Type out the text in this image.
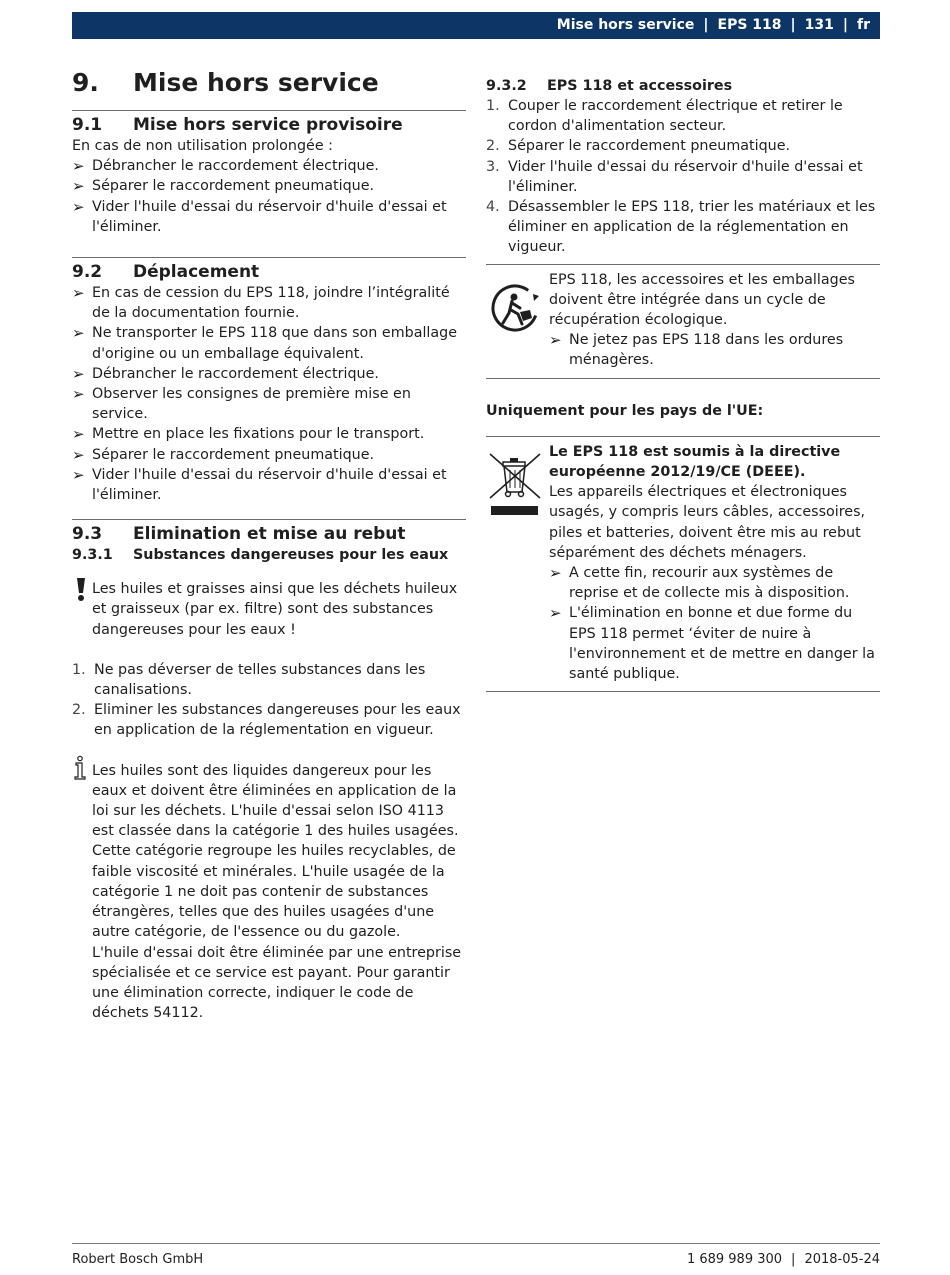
Mise hors service | EPS 118 | 131 | fr
9.	Mise hors service
9.1	Mise hors service provisoire

En cas de non utilisation prolongée :

➢ Débrancher le raccordement électrique.
➢ Séparer le raccordement pneumatique.
➢ Vider l'huile d'essai du réservoir d'huile d'essai et l'éliminer.
9.2	Déplacement
➢ En cas de cession du EPS 118, joindre l’intégralité de la documentation fournie.
➢ Ne transporter le EPS 118 que dans son emballage d'origine ou un emballage équivalent.
➢ Débrancher le raccordement électrique.
➢ Observer les consignes de première mise en service.
➢ Mettre en place les fixations pour le transport.
➢ Séparer le raccordement pneumatique.
➢ Vider l'huile d'essai du réservoir d'huile d'essai et l'éliminer.
9.3	Elimination et mise au rebut
9.3.1	Substances dangereuses pour les eaux
Les huiles et graisses ainsi que les déchets huileux et graisseux (par ex. filtre) sont des substances dangereuses pour les eaux !
1. Ne pas déverser de telles substances dans les canalisations.
2. Eliminer les substances dangereuses pour les eaux en application de la réglementation en vigueur.
Les huiles sont des liquides dangereux pour les eaux et doivent être éliminées en application de la loi sur les déchets. L'huile d'essai selon ISO 4113 est classée dans la catégorie 1 des huiles usagées. Cette catégorie regroupe les huiles recyclables, de faible viscosité et minérales. L'huile usagée de la catégorie 1 ne doit pas contenir de substances étrangères, telles que des huiles usagées d'une autre catégorie, de l'essence ou du gazole.
L'huile d'essai doit être éliminée par une entreprise spécialisée et ce service est payant. Pour garantir une élimination correcte, indiquer le code de déchets 54112.
9.3.2	EPS 118 et accessoires
1. Couper le raccordement électrique et retirer le cordon d'alimentation secteur.
2. Séparer le raccordement pneumatique.
3. Vider l'huile d'essai du réservoir d'huile d'essai et l'éliminer.
4. Désassembler le EPS 118, trier les matériaux et les éliminer en application de la réglementation en vigueur.
EPS 118, les accessoires et les emballages doivent être intégrée dans un cycle de récupération écologique.
➢ Ne jetez pas EPS 118 dans les ordures ménagères.
Uniquement pour les pays de l'UE:
Le EPS 118 est soumis à la directive européenne 2012/19/CE (DEEE).
Les appareils électriques et électroniques usagés, y compris leurs câbles, accessoires, piles et batteries, doivent être mis au rebut séparément des déchets ménagers.
➢ A cette fin, recourir aux systèmes de reprise et de collecte mis à disposition.
➢ L'élimination en bonne et due forme du EPS 118 permet ‘éviter de nuire à l'environnement et de mettre en danger la santé publique.
Robert Bosch GmbH	1 689 989 300 | 2018-05-24
